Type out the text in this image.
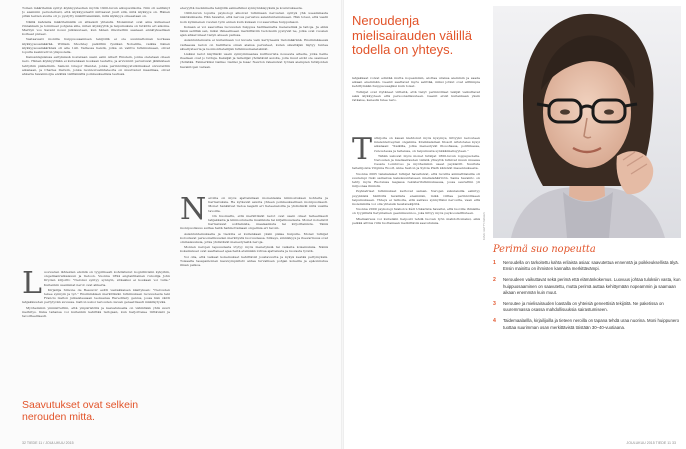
Toinen määritelmä syntyi älykkyystestien myötä 1900-luvun alkupuolikolla. Niin oli selitänyt Jo aiemmin perustellusti, että älykkyystestit mittaavat juuri sitä, mitä älykkyys on. Hänen pitää testien avulla oli jo pystytty määrittelemään, mitä älykkyys oikeastaan on.

Näillä kahdella määritelmällä on sitkeästi yhteistä. Molemmat ovat aina kulkeneet rinnakkain ja toimineet pohjana sille, miten älykkyyttä ja taipumuksia on tutkittu eri aikoina. Marilyn vos Savant nousi julkisuuteen, kun hänen ilmoitettiin saaneen ennätyksellisen korkeat pisteet.

Vastaavasti monilla huippuosaamisen tekijöillä ei ole suunnattoman korkeaa älykkyysosamäärää. William Shockley palkittiin fysiikan Nobelilla, vaikka hänen älykkyysosamääränsä oli alle 140. Valtaosa heistä, jotka on valittu tutkimukseen, olivat lopulta keskiverron yläpuolella.

Kansantajuisissa esityksissä nostetaan usein esiin Albert Einstein, jonka oletetaan olleen nero. Hänen älykkyyttään ei kuitenkaan koskaan testattu, ja arvioinnit perustuvat jälkikäteen tehtyihin päätelmiin. Samoin Gregor Mendel, jonka perinnöllisyystutkimukset sivuutettiin aikanaan, ja Charles Darwin, jonka luonnonvalintateoria on muuttanut maailmaa, olivat ahkeria havainnoijia eivätkä välttämättä poikkeuksellisia testissä.

L uovuuden lähteiden etsintä on tyypillisesti kohdistunut kognitiivisiin kykyihin, ongelmanratkaisuun ja tietoon. Vuonna 1894 englantilainen runoilija John Dryden kirjoitti: "Neroksi syntyy synnyin, sitkeäksi ei koskaan voi tulla." Kuitenkin useimmat nerot ovat ahkeria.

Kirjailija Simone de Beauvoir esitti vastakkaisen käsityksen: "Nerouden tekee synnyin ja työ." Ensimmäisen merkittävän tutkimuksen luovuudesta teki Francis Galton julkaistessaan teoksensa Hereditary genius, jossa hän väitti lahjakkuuden periytyvän suvussa. Galton uskoi nerouden olevan geneettisesti määräytyvää.

Myöhemmin ymmärrettiin, että ympäristöllä ja kasvatuksella on vähintään yhtä suuri merkitys. Kuka tahansa voi kuitenkin kehittää taitojaan, kun harjoittelee riittävästi ja tavoitteellisesti.

Saavutukset ovat selkein nerouden mitta.

etevyyttä nuokkineita tekijöitä esimerkiksi synnynnäisyyksiä ja koulutuksesta.

1900-luvun lopulla psykologi alkoivat tutkimaan nerouden syntyä yhä useammasta näkökulmasta. Hän havaitsi, että nerous perustuu asiantuntemukseen. Hän totesi, että vaatii noin kymmenen vuoden työn ennen kuin kukaan voi saavuttaa huipputason.

Kokaan ei voi saavuttaa luovuuden huippua hallitsematta menetelmiä ja taitoja. Ja ehkä tämä selittää sen, miksi ihmeelliseen merkittäviin tuotoksiin pystyvät ne, jotka ovat vuosien ajan ahkeroineet tietyn alueen parissa.

Asiantuntemusta ei kuitenkaan voi kuvata vain kertyneenä tietomääränä. Ensimmäisessä vaiheessa neron on hallittava oman alansa perusteet, kuten säveltäjän täytyy tuntea sävellysteoria ja luonnontieteilijän tutkimusmenetelmät.

Lisäksi nerot käyttävät usein synnyinmaansa kulttuurista nousevia aiheita, jotka heille itselleen ovat jo tuttuja. Keksijät ja taiteilijat yhdistävät asioita, joita muut eivät ole osanneet yhdistää. Esimerkiksi Galileo Galilei ja Isaac Newton rakensivat työnsä aiempien tutkijoiden havaintojen varaan.

N eroilla on myös ajattelullaan monenlaisia kiinnostuksen kohteita ja harrastuksia. He kytkevät asioita yhteen poikkeuksellisen monipuolisesti. Monet hankkivat tietoa laajalti eri tieteenaloilta ja yhdistävät niitä uusilla tavoilla.

On huomattu, että merkittävät nerot ovat usein olleet taiteellisesti lahjakkaita ja kiinnostuneita musiikista tai kirjallisuudesta. Monet nobelistit harrastavat soittamista, maalaamista tai kirjoittamista. Tämä monipuolisuus auttaa heitä hahmottamaan ongelmia eri tavoin.

Asiantuntemuksella ja tiedolla ei kuitenkaan yksin pääse huipulle. Monet tutkijat korostavat persoonallisuuden merkitystä luovuudessa. Sitkeys, sinnikkyys ja itsevarmuus ovat ominaisuuksia, jotka yhdistävät menestyneitä neroja.

Monien nerojen lapsuudesta löytyy myös menetyksiä tai vaikeita kokemuksia. Nämä kokemukset ovat saattaneet ajaa heitä etsimään lohtua ajattelusta ja luovasta työstä.

Voi olla, että vaikeat kokemukset kehittävät joustavuutta ja kykyä kestää pettymyksiä. Toisaalta tasapainoinen kasvuympäristö antaa turvallisen pohjan kokeilla ja epäonnistua ilman pelkoa.

32 TIEDE 11 / JOULUKUU 2015
Neroudenja mielisairauden välillä todella on yhteys.

lahjakkaat voivat edistää mutta nopeammin, alottaa uransa aiemmin ja saada aikaan enemmän. Geenit saattavat myös selittää, miksi jotkut ovat alttiimpia kehittymään huippuosaajiksi kuin toiset.

Tutkijat ovat löytäneet viitteitä, että tietyt perinnölliset tekijät vaikuttavat sekä älykkyyteen että persoonallisuuteen. Geenit eivät kuitenkaan yksin ratkaise, kenestä tulee nero.

T utkijoita on kauan kiehtonut myös kysymys, liittyykö nerouteen mielenterveyden ongelmia. Kreikkalainen filosofi Aristoteles kysyi aikanaan: "Kaikilla, jotka menestyvät filosofiassa, politiikassa, runoudessa ja taiteissa, on taipumusta synkkämielisyyteen."

Tähän uskovat myös monet tutkijat 1800-luvun loppupuolella. Nerouden ja mielisairauden välistä yhteyttä tutkivat muun muassa Cesare Lombroso ja myöhemmin useat psykiatrit. Suurista taiteilijoista Virginia Woolf, Anne Sexton ja Sylvia Plath kärsivät masennuksesta.

Vuonna 2005 tanskalaiset tutkijat havaitsivat, että luovilla ammattilaisilla oli suurempi riski sairastua kaksisuuntaiseen mielialahäiriöön. Sama havainto on tehty myös Ruotsissa laajassa rekisteritutkimuksessa, jossa seurattiin yli miljoonaa ihmistä.

Psykiatriset tutkimukset kertovat saman. Nerojen sukulaisilla esiintyy psyykkisiä häiriöitä tavallista enemmän, mikä viittaa perinnölliseen taipumukseen. Yhteys ei tarkoita, että sairaus synnyttäisi neroutta, vaan että molemmilla voi olla yhteisiä taustatekijöitä.

Vuonna 2009 psykologi Szabolcs Kéri Unkarista havaitsi, että luoville ihmisille on tyypillistä tietynlainen geenimuunnos, joka liittyy myös psykoosialttiuteen.

Mielisairaus voi kuitenkin helposti tehdä luovan työn mahdottomaksi, eikä pelkkä alttius riitä tuottamaan merkittäviä saavutuksia.	KUVA: GETTY IMAGES
Perimä suo nopeutta
1 Neroudella on tarkoitettu kahta erilaista asiaa: saavutettua ennenntä ja poikkeuksellista älyä. Ensin mainittu on ihmisten kannalta merkittävämpi.
2 Neroudeen vaikuttavat sekä perimä että elämänkokemus. Luovuus johtaa tuloksiin vasta, kun huippuosaaminen on saavutettu, mutta perimä auttaa kehittymään nopeammin ja saamaan aikaan enemmän kuin muut.
3 Neroutee ja mielisairauden loastalla on yhteisiä geneettisiä tekijöitä. Ne paketissa on suuremmassa osassa mahdollisuuksia sairastumiseen.
4 Taidemaalarilla, kirjailijoilla ja tieteen neroilla on tapana tehdä uraa nuorina. Moni huippunero tuottaa suurimman osan merkittävistä töistään 30–40-vuotiaana.
JOULUKUU 2015 TIEDE 11 33
